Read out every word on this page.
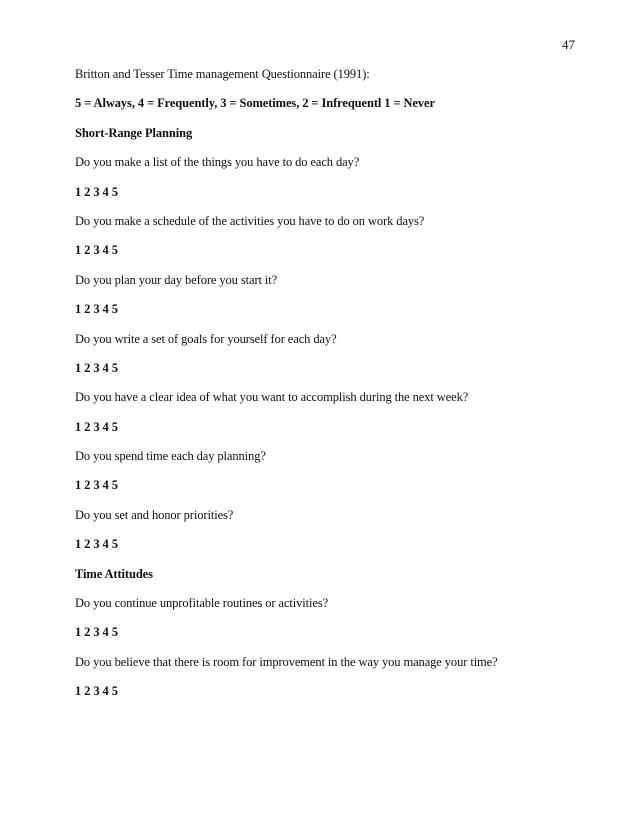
47
Britton and Tesser Time management Questionnaire (1991):
5 = Always, 4 = Frequently, 3 = Sometimes, 2 = Infrequentl 1 = Never
Short-Range Planning
Do you make a list of the things you have to do each day?
1 2 3 4 5
Do you make a schedule of the activities you have to do on work days?
1 2 3 4 5
Do you plan your day before you start it?
1 2 3 4 5
Do you write a set of goals for yourself for each day?
1 2 3 4 5
Do you have a clear idea of what you want to accomplish during the next week?
1 2 3 4 5
Do you spend time each day planning?
1 2 3 4 5
Do you set and honor priorities?
1 2 3 4 5
Time Attitudes
Do you continue unprofitable routines or activities?
1 2 3 4 5
Do you believe that there is room for improvement in the way you manage your time?
1 2 3 4 5
